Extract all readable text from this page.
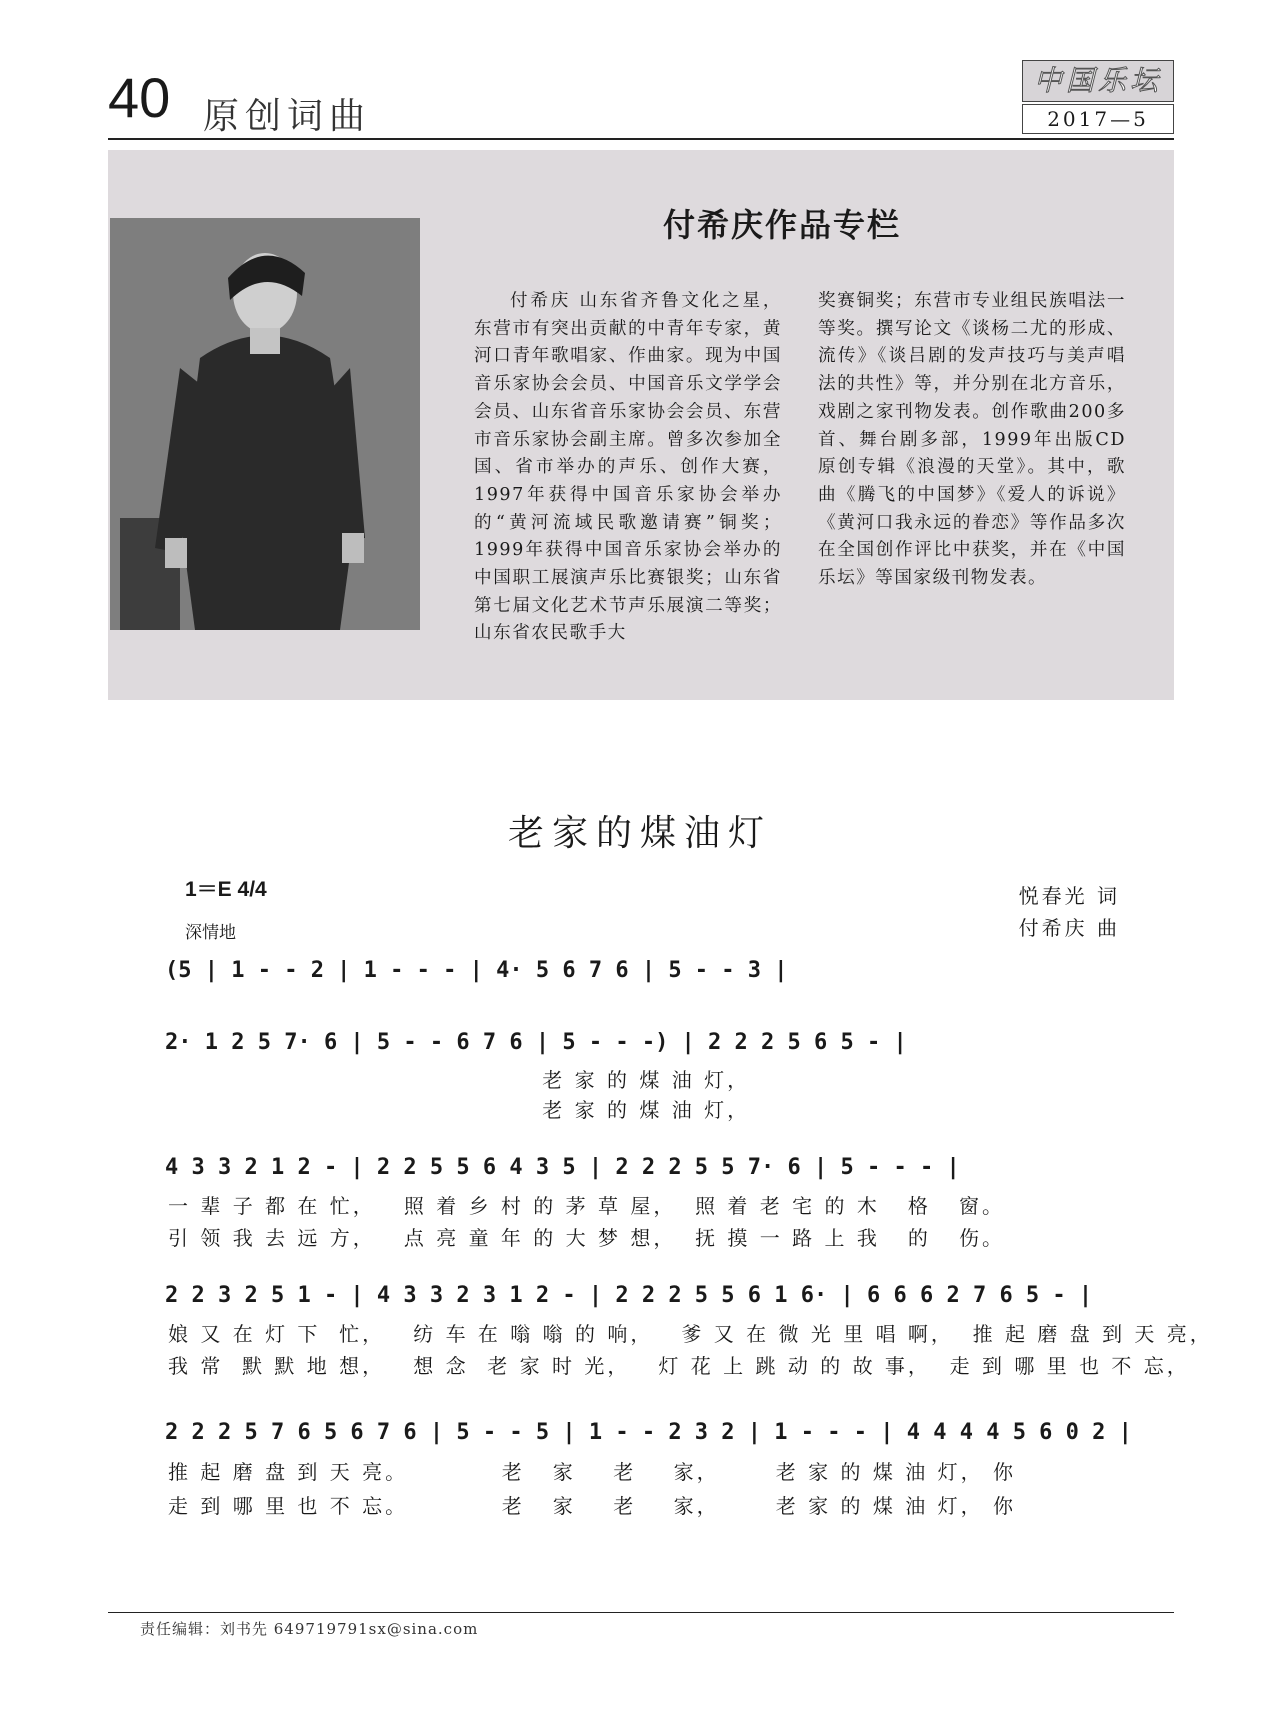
40 原创词曲
中国乐坛
2017—5
付希庆作品专栏
付希庆 山东省齐鲁文化之星，东营市有突出贡献的中青年专家，黄河口青年歌唱家、作曲家。现为中国音乐家协会会员、中国音乐文学学会会员、山东省音乐家协会会员、东营市音乐家协会副主席。曾多次参加全国、省市举办的声乐、创作大赛，1997年获得中国音乐家协会举办的“黄河流域民歌邀请赛”铜奖；1999年获得中国音乐家协会举办的中国职工展演声乐比赛银奖；山东省第七届文化艺术节声乐展演二等奖；山东省农民歌手大
奖赛铜奖；东营市专业组民族唱法一等奖。撰写论文《谈杨二尤的形成、流传》《谈吕剧的发声技巧与美声唱法的共性》等，并分别在北方音乐，戏剧之家刊物发表。创作歌曲200多首、舞台剧多部，1999年出版CD原创专辑《浪漫的天堂》。其中，歌曲《腾飞的中国梦》《爱人的诉说》《黄河口我永远的眷恋》等作品多次在全国创作评比中获奖，并在《中国乐坛》等国家级刊物发表。
老家的煤油灯
1＝E 4/4
深情地
悦春光 词
付希庆 曲
(5 | 1 - - 2 | 1 - - - | 4· 5 6 7 6 | 5 - - 3 |
2· 1 2 5 7· 6 | 5 - - 6 7 6 | 5 - - -) | 2 2 2 5 6 5 - |
老 家 的 煤 油 灯，
老 家 的 煤 油 灯，
4 3 3 2 1 2 - | 2 2 5 5 6 4 3 5 | 2 2 2 5 5 7· 6 | 5 - - - |
一 辈 子 都 在 忙，   照 着 乡 村 的 茅 草 屋，  照 着 老 宅 的 木   格   窗。
引 领 我 去 远 方，   点 亮 童 年 的 大 梦 想，  抚 摸 一 路 上 我   的   伤。
2 2 3 2 5 1 - | 4 3 3 2 3 1 2 - | 2 2 2 5 5 6 1 6· | 6 6 6 2 7 6 5 - |
娘 又 在 灯 下  忙，   纺 车 在 嗡 嗡 的 响，   爹 又 在 微 光 里 唱 啊，  推 起 磨 盘 到 天 亮，
我 常  默 默 地 想，   想 念  老 家 时 光，   灯 花 上 跳 动 的 故 事，  走 到 哪 里 也 不 忘，
2 2 2 5 7 6 5 6 7 6 | 5 - - 5 | 1 - - 2 3 2 | 1 - - - | 4 4 4 4 5 6 0 2 |
推 起 磨 盘 到 天 亮。          老   家    老    家，      老 家 的 煤 油 灯， 你
走 到 哪 里 也 不 忘。          老   家    老    家，      老 家 的 煤 油 灯， 你
责任编辑：刘书先 649719791sx@sina.com
